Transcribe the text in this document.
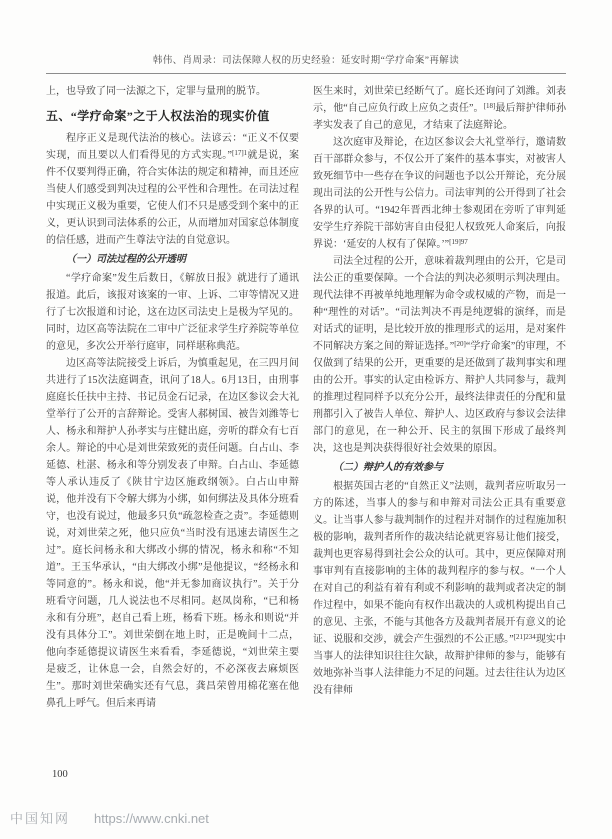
韩伟、肖周录：司法保障人权的历史经验：延安时期“学疗命案”再解读

上，也导致了同一法源之下，定罪与量刑的脱节。

五、“学疗命案”之于人权法治的现实价值

程序正义是现代法治的核心。法谚云：“正义不仅要实现，而且要以人们看得见的方式实现。”$^{[17]1}$就是说，案件不仅要判得正确，符合实体法的规定和精神，而且还应当使人们感受到判决过程的公平性和合理性。在司法过程中实现正义极为重要，它使人们不只是感受到个案中的正义，更认识到司法体系的公正，从而增加对国家总体制度的信任感，进而产生尊法守法的自觉意识。

（一）司法过程的公开透明

“学疗命案”发生后数日，《解放日报》就进行了通讯报道。此后，该报对该案的一审、上诉、二审等情况又进行了七次报道和讨论，这在边区司法史上是极为罕见的。同时，边区高等法院在二审中广泛征求学生疗养院等单位的意见，多次公开举行庭审，同样堪称典范。

边区高等法院接受上诉后，为慎重起见，在三四月间共进行了15次法庭调查，讯问了18人。6月13日，由刑事庭庭长任扶中主持、书记员金石记录，在边区参议会大礼堂举行了公开的言辞辩论。受害人郝树国、被告刘潍等七人、杨永和辩护人孙孝实与庄健出庭，旁听的群众有七百余人。辩论的中心是刘世荣致死的责任问题。白占山、李延德、杜湛、杨永和等分别发表了申辩。白占山、李延德等人承认违反了《陕甘宁边区施政纲领》。白占山申辩说，他并没有下令解大绑为小绑，如何绑法及具体分班看守，也没有说过，他最多只负“疏忽检查之责”。李延德则说，对刘世荣之死，他只应负“当时没有迅速去请医生之过”。庭长问杨永和大绑改小绑的情况，杨永和称“不知道”。王玉华承认，“由大绑改小绑”是他提议，“经杨永和等同意的”。杨永和说，他“并无参加商议执行”。关于分班看守问题，几人说法也不尽相同。赵凤岗称，“已和杨永和有分班”，赵自己看上班，杨看下班。杨永和则说“并没有具体分工”。刘世荣倒在地上时，正是晚间十二点，他向李延德提议请医生来看看，李延德说，“刘世荣主要是疲乏，让休息一会，自然会好的，不必深夜去麻烦医生”。那时刘世荣确实还有气息，龚昌荣曾用棉花塞在他鼻孔上呼气。但后来再请

医生来时，刘世荣已经断气了。庭长还询问了刘潍。刘表示，他“自己应负行政上应负之责任”。[18]最后辩护律师孙孝实发表了自己的意见，才结束了法庭辩论。

这次庭审及辩论，在边区参议会大礼堂举行，邀请数百干部群众参与，不仅公开了案件的基本事实，对被害人致死细节中一些存在争议的问题也予以公开辩论，充分展现出司法的公开性与公信力。司法审判的公开得到了社会各界的认可。“1942年晋西北绅士参观团在旁听了审判延安学生疗养院干部妨害自由侵犯人权致死人命案后，向报界说：‘延安的人权有了保障。’”$^{[19]97}$

司法全过程的公开，意味着裁判理由的公开，它是司法公正的重要保障。一个合法的判决必须明示判决理由。现代法律不再被单纯地理解为命令或权威的产物，而是一种“理性的对话”。“司法判决不再是纯逻辑的演绎，而是对话式的证明，是比较开放的推理形式的运用，是对案件不同解决方案之间的辩证选择。”[20]“学疗命案”的审理，不仅做到了结果的公开，更重要的是还做到了裁判事实和理由的公开。事实的认定由检诉方、辩护人共同参与，裁判的推理过程同样予以充分公开，最终法律责任的分配和量刑都引入了被告人单位、辩护人、边区政府与参议会法律部门的意见，在一种公开、民主的氛围下形成了最终判决，这也是判决获得很好社会效果的原因。

（二）辩护人的有效参与

根据英国古老的“自然正义”法则，裁判者应听取另一方的陈述，当事人的参与和申辩对司法公正具有重要意义。让当事人参与裁判制作的过程并对制作的过程施加积极的影响，裁判者所作的裁决结论就更容易让他们接受，裁判也更容易得到社会公众的认可。其中，更应保障对刑事审判有直接影响的主体的裁判程序的参与权。“一个人在对自己的利益有着有利或不利影响的裁判或者决定的制作过程中，如果不能向有权作出裁决的人或机构提出自己的意见、主张，不能与其他各方及裁判者展开有意义的论证、说服和交涉，就会产生强烈的不公正感。”$^{[21]234}$现实中当事人的法律知识往往欠缺，故辩护律师的参与，能够有效地弥补当事人法律能力不足的问题。过去往往认为边区没有律师

100
中国知网 https://www.cnki.net
